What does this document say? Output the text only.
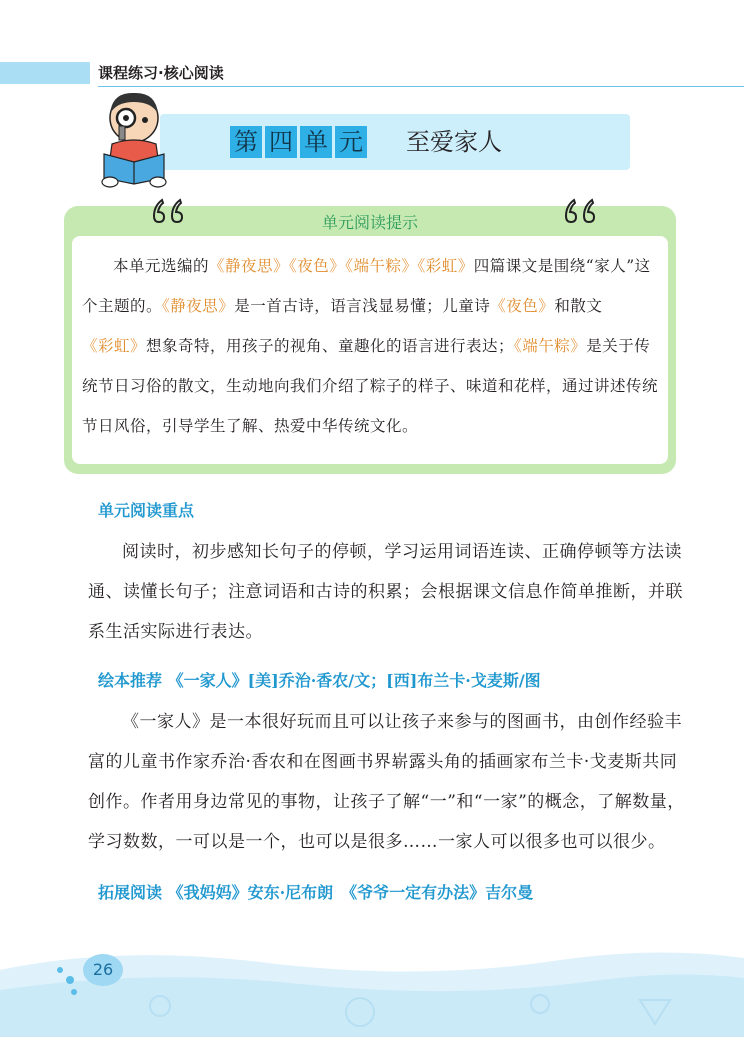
课程练习·核心阅读
第 四 单 元 至爱家人
单元阅读提示

本单元选编的《静夜思》《夜色》《端午粽》《彩虹》四篇课文是围绕“家人”这个主题的。《静夜思》是一首古诗，语言浅显易懂；儿童诗《夜色》和散文《彩虹》想象奇特，用孩子的视角、童趣化的语言进行表达；《端午粽》是关于传统节日习俗的散文，生动地向我们介绍了粽子的样子、味道和花样，通过讲述传统节日风俗，引导学生了解、热爱中华传统文化。

单元阅读重点

阅读时，初步感知长句子的停顿，学习运用词语连读、正确停顿等方法读通、读懂长句子；注意词语和古诗的积累；会根据课文信息作简单推断，并联系生活实际进行表达。

绘本推荐 《一家人》[美]乔治·香农/文；[西]布兰卡·戈麦斯/图

《一家人》是一本很好玩而且可以让孩子来参与的图画书，由创作经验丰富的儿童书作家乔治·香农和在图画书界崭露头角的插画家布兰卡·戈麦斯共同创作。作者用身边常见的事物，让孩子了解“一”和“一家”的概念，了解数量，学习数数，一可以是一个，也可以是很多……一家人可以很多也可以很少。

拓展阅读 《我妈妈》安东·尼布朗　《爷爷一定有办法》吉尔曼
26
